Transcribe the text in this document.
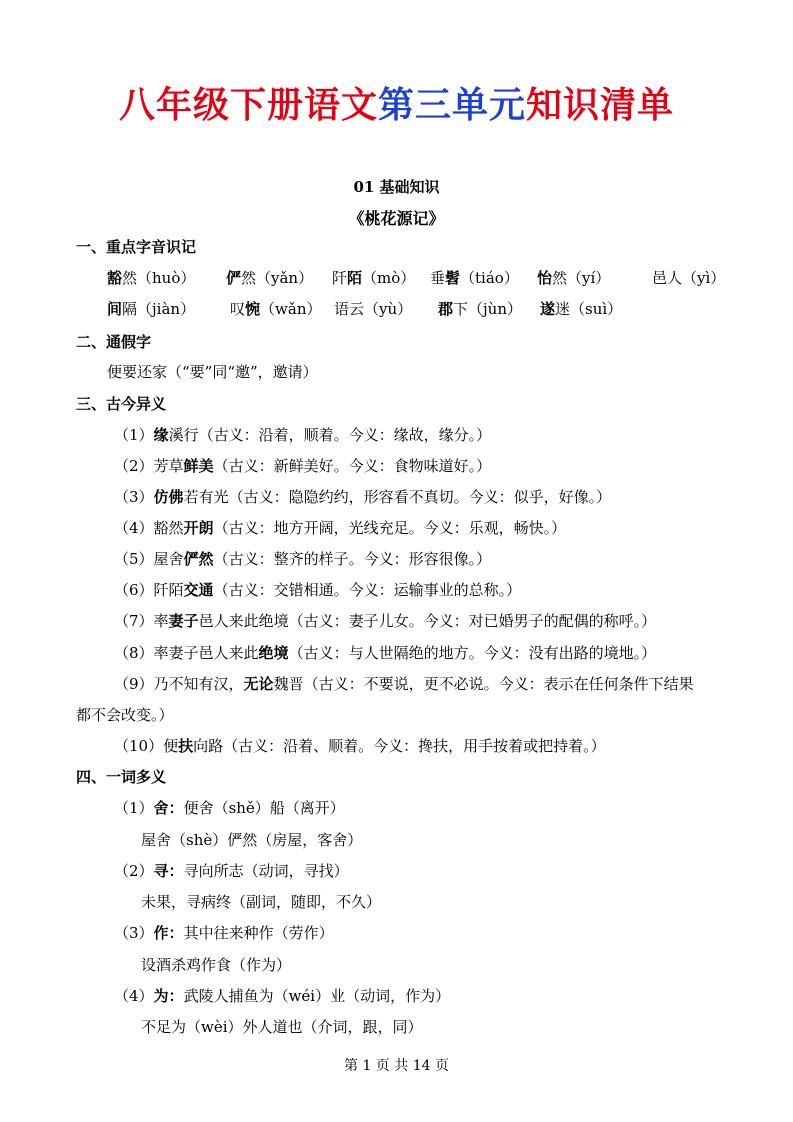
八年级下册语文第三单元知识清单
01 基础知识
《桃花源记》
一、重点字音识记
豁然（huò） 俨然（yǎn） 阡陌（mò） 垂髫（tiáo） 怡然（yí）	邑人（yì）
间隔（jiàn） 叹惋（wǎn） 语云（yù） 郡下（jùn） 遂迷（suì）
二、通假字
便要还家（“要”同“邀”，邀请）
三、古今异义
（1）缘溪行（古义：沿着，顺着。今义：缘故，缘分。）
（2）芳草鲜美（古义：新鲜美好。今义：食物味道好。）
（3）仿佛若有光（古义：隐隐约约，形容看不真切。今义：似乎，好像。）
（4）豁然开朗（古义：地方开阔，光线充足。今义：乐观，畅快。）
（5）屋舍俨然（古义：整齐的样子。今义：形容很像。）
（6）阡陌交通（古义：交错相通。今义：运输事业的总称。）
（7）率妻子邑人来此绝境（古义：妻子儿女。今义：对已婚男子的配偶的称呼。）
（8）率妻子邑人来此绝境（古义：与人世隔绝的地方。今义：没有出路的境地。）
（9）乃不知有汉，无论魏晋（古义：不要说，更不必说。今义：表示在任何条件下结果
都不会改变。）
（10）便扶向路（古义：沿着、顺着。今义：搀扶，用手按着或把持着。）
四、一词多义
（1）舍：便舍（shě）船（离开）
屋舍（shè）俨然（房屋，客舍）
（2）寻：寻向所志（动词，寻找）
未果，寻病终（副词，随即，不久）
（3）作：其中往来种作（劳作）
设酒杀鸡作食（作为）
（4）为：武陵人捕鱼为（wéi）业（动词，作为）
不足为（wèi）外人道也（介词，跟，同）
第 1 页 共 14 页
